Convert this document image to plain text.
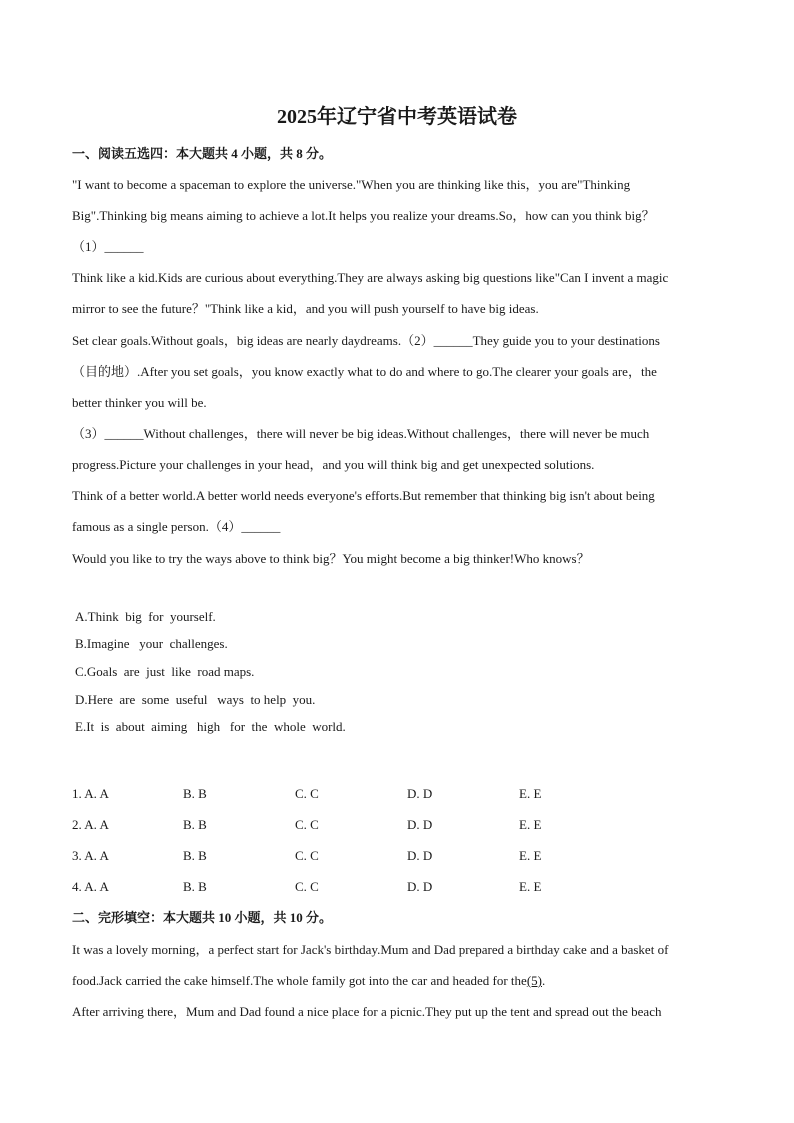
2025年辽宁省中考英语试卷
一、阅读五选四：本大题共 4 小题，共 8 分。
"I want to become a spaceman to explore the universe."When you are thinking like this，you are"Thinking
Big".Thinking big means aiming to achieve a lot.It helps you realize your dreams.So，how can you think big？
（1）______
Think like a kid.Kids are curious about everything.They are always asking big questions like"Can I invent a magic
mirror to see the future？"Think like a kid，and you will push yourself to have big ideas.
Set clear goals.Without goals，big ideas are nearly daydreams.（2）______They guide you to your destinations
（目的地）.After you set goals，you know exactly what to do and where to go.The clearer your goals are，the
better thinker you will be.
（3）______Without challenges，there will never be big ideas.Without challenges，there will never be much
progress.Picture your challenges in your head，and you will think big and get unexpected solutions.
Think of a better world.A better world needs everyone's efforts.But remember that thinking big isn't about being
famous as a single person.（4）______
Would you like to try the ways above to think big？You might become a big thinker!Who knows？
A.Think  big  for  yourself.
B.Imagine   your  challenges.
C.Goals  are  just  like  road maps.
D.Here  are  some  useful   ways  to help  you.
E.It  is  about  aiming   high   for  the  whole  world.
1. A. A	B. B	C. C	D. D	E. E
2. A. A	B. B	C. C	D. D	E. E
3. A. A	B. B	C. C	D. D	E. E
4. A. A	B. B	C. C	D. D	E. E
二、完形填空：本大题共 10 小题，共 10 分。
It was a lovely morning，a perfect start for Jack's birthday.Mum and Dad prepared a birthday cake and a basket of
food.Jack carried the cake himself.The whole family got into the car and headed for the(5).
After arriving there，Mum and Dad found a nice place for a picnic.They put up the tent and spread out the beach
